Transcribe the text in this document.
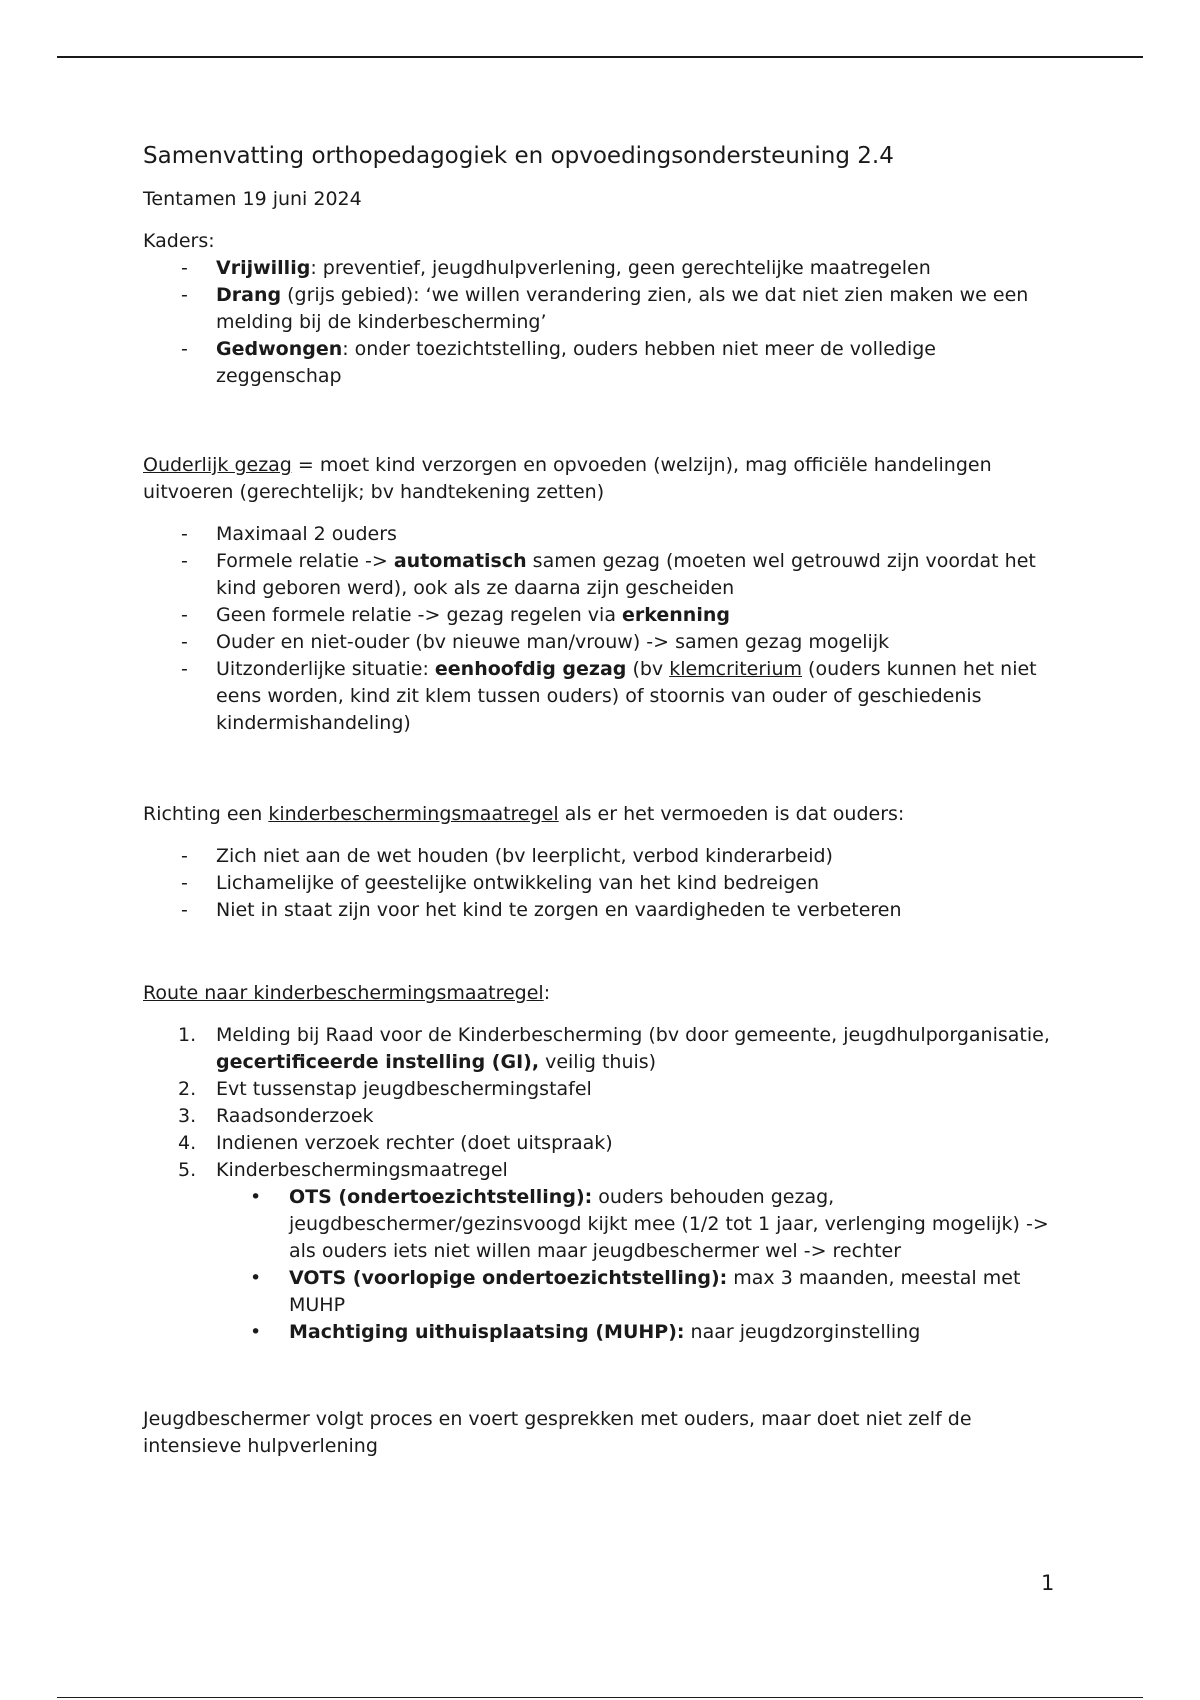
Samenvatting orthopedagogiek en opvoedingsondersteuning 2.4

Tentamen 19 juni 2024

Kaders:

- Vrijwillig: preventief, jeugdhulpverlening, geen gerechtelijke maatregelen
- Drang (grijs gebied): ‘we willen verandering zien, als we dat niet zien maken we een melding bij de kinderbescherming’
- Gedwongen: onder toezichtstelling, ouders hebben niet meer de volledige zeggenschap

Ouderlijk gezag = moet kind verzorgen en opvoeden (welzijn), mag officiële handelingen uitvoeren (gerechtelijk; bv handtekening zetten)

- Maximaal 2 ouders
- Formele relatie -> automatisch samen gezag (moeten wel getrouwd zijn voordat het kind geboren werd), ook als ze daarna zijn gescheiden
- Geen formele relatie -> gezag regelen via erkenning
- Ouder en niet-ouder (bv nieuwe man/vrouw) -> samen gezag mogelijk
- Uitzonderlijke situatie: eenhoofdig gezag (bv klemcriterium (ouders kunnen het niet eens worden, kind zit klem tussen ouders) of stoornis van ouder of geschiedenis kindermishandeling)

Richting een kinderbeschermingsmaatregel als er het vermoeden is dat ouders:

- Zich niet aan de wet houden (bv leerplicht, verbod kinderarbeid)
- Lichamelijke of geestelijke ontwikkeling van het kind bedreigen
- Niet in staat zijn voor het kind te zorgen en vaardigheden te verbeteren

Route naar kinderbeschermingsmaatregel:

1. Melding bij Raad voor de Kinderbescherming (bv door gemeente, jeugdhulporganisatie, gecertificeerde instelling (GI), veilig thuis)
2. Evt tussenstap jeugdbeschermingstafel
3. Raadsonderzoek
4. Indienen verzoek rechter (doet uitspraak)
5. Kinderbeschermingsmaatregel
• OTS (ondertoezichtstelling): ouders behouden gezag, jeugdbeschermer/gezinsvoogd kijkt mee (1/2 tot 1 jaar, verlenging mogelijk) -> als ouders iets niet willen maar jeugdbeschermer wel -> rechter
• VOTS (voorlopige ondertoezichtstelling): max 3 maanden, meestal met MUHP
• Machtiging uithuisplaatsing (MUHP): naar jeugdzorginstelling

Jeugdbeschermer volgt proces en voert gesprekken met ouders, maar doet niet zelf de intensieve hulpverlening

1
